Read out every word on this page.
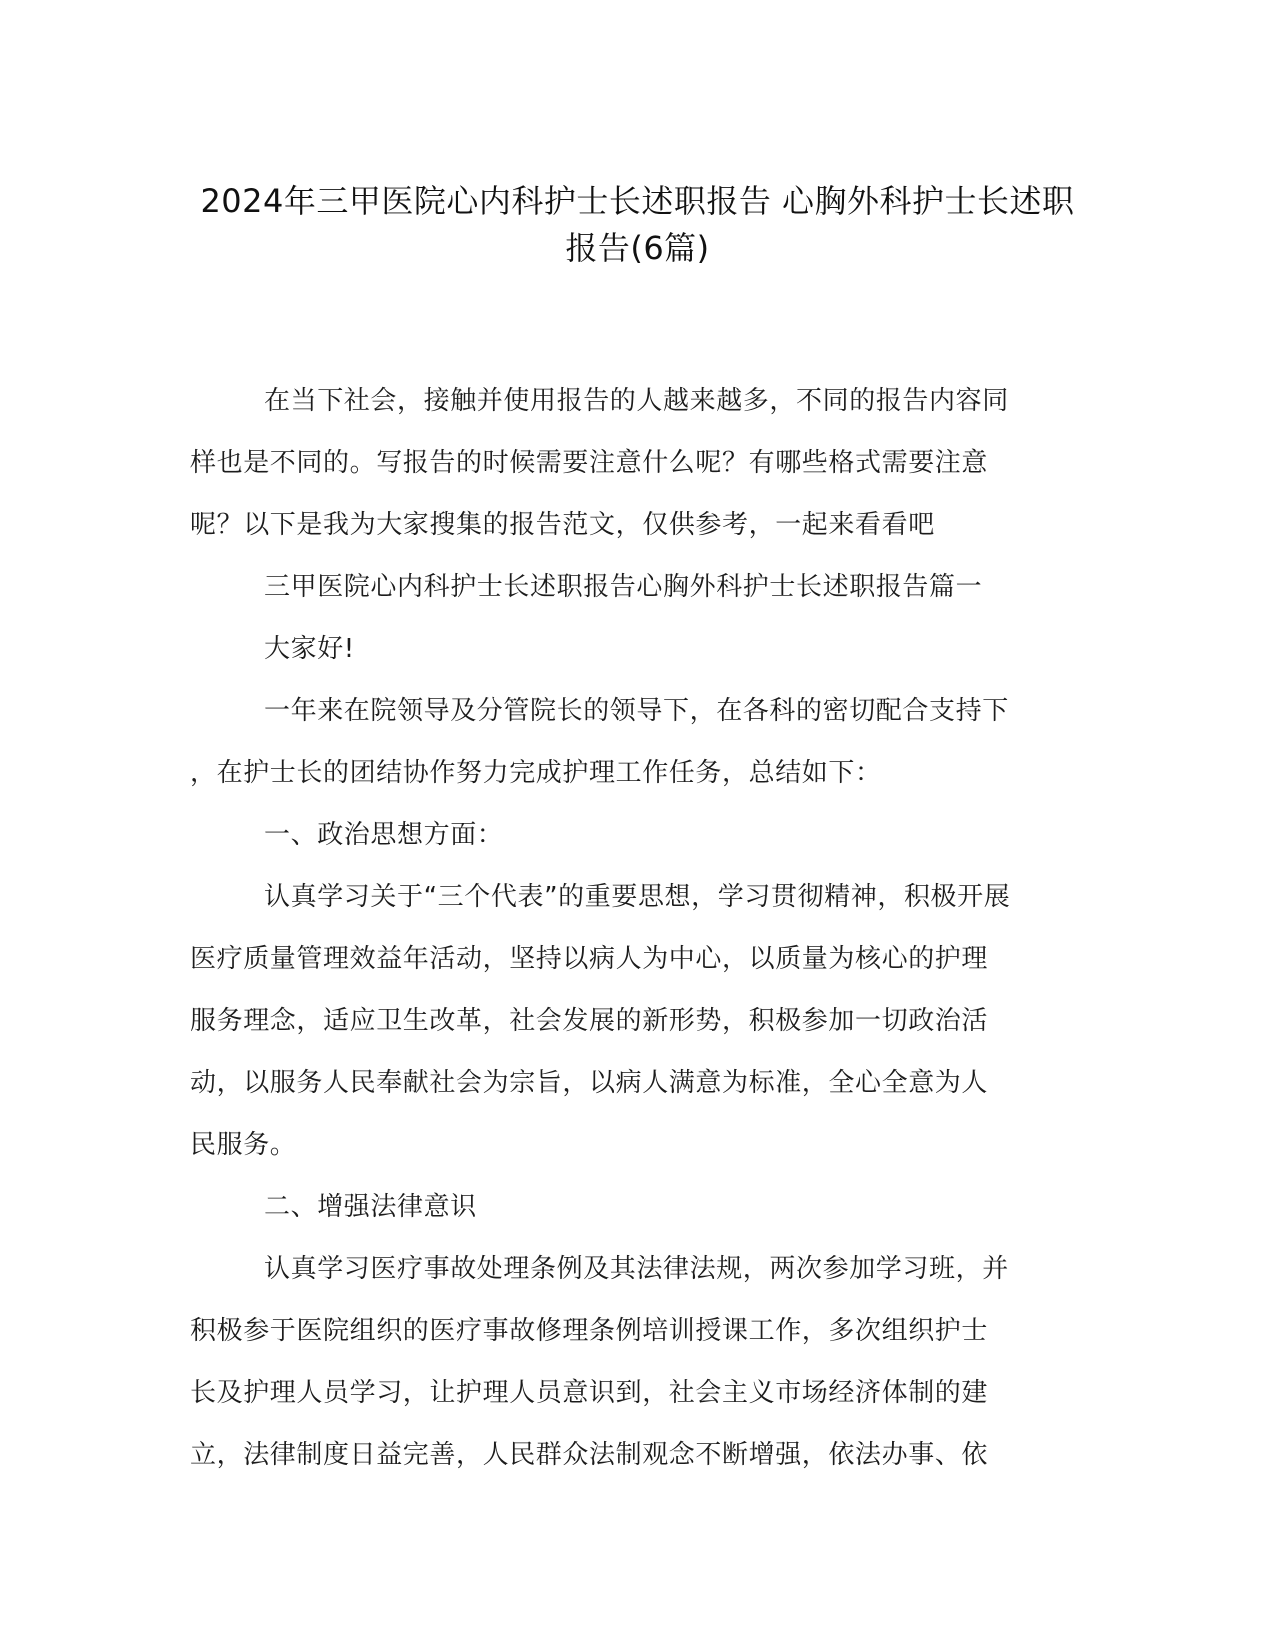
2024年三甲医院心内科护士长述职报告 心胸外科护士长述职
报告(6篇)
在当下社会，接触并使用报告的人越来越多，不同的报告内容同
样也是不同的。写报告的时候需要注意什么呢？有哪些格式需要注意
呢？以下是我为大家搜集的报告范文，仅供参考，一起来看看吧
三甲医院心内科护士长述职报告心胸外科护士长述职报告篇一
大家好!
一年来在院领导及分管院长的领导下，在各科的密切配合支持下
，在护士长的团结协作努力完成护理工作任务，总结如下：
一、政治思想方面：
认真学习关于“三个代表”的重要思想，学习贯彻精神，积极开展
医疗质量管理效益年活动，坚持以病人为中心，以质量为核心的护理
服务理念，适应卫生改革，社会发展的新形势，积极参加一切政治活
动，以服务人民奉献社会为宗旨，以病人满意为标准，全心全意为人
民服务。
二、增强法律意识
认真学习医疗事故处理条例及其法律法规，两次参加学习班，并
积极参于医院组织的医疗事故修理条例培训授课工作，多次组织护士
长及护理人员学习，让护理人员意识到，社会主义市场经济体制的建
立，法律制度日益完善，人民群众法制观念不断增强，依法办事、依
